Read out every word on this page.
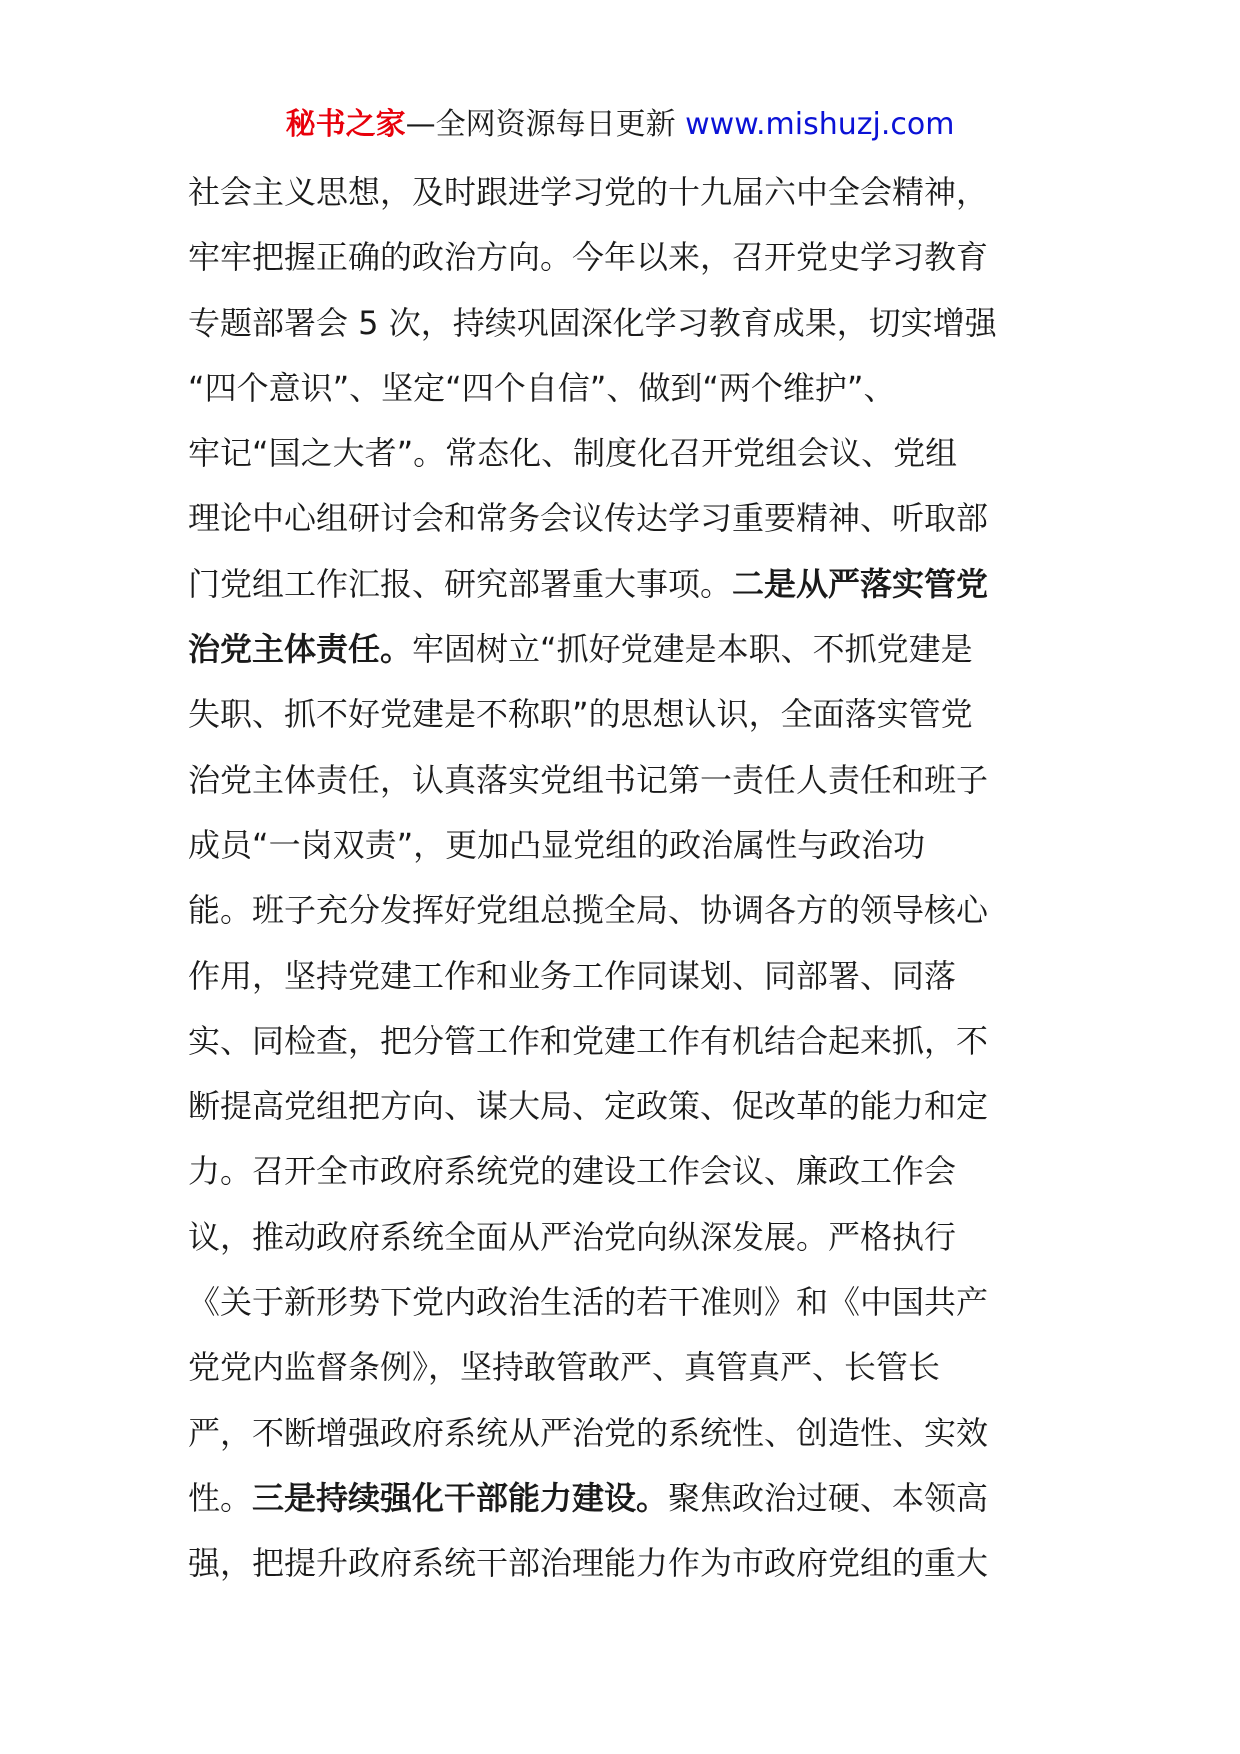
秘书之家—全网资源每日更新 www.mishuzj.com
社会主义思想，及时跟进学习党的十九届六中全会精神，
牢牢把握正确的政治方向。今年以来，召开党史学习教育
专题部署会 5 次，持续巩固深化学习教育成果，切实增强
“四个意识”、坚定“四个自信”、做到“两个维护”、
牢记“国之大者”。常态化、制度化召开党组会议、党组
理论中心组研讨会和常务会议传达学习重要精神、听取部
门党组工作汇报、研究部署重大事项。二是从严落实管党
治党主体责任。牢固树立“抓好党建是本职、不抓党建是
失职、抓不好党建是不称职”的思想认识，全面落实管党
治党主体责任，认真落实党组书记第一责任人责任和班子
成员“一岗双责”，更加凸显党组的政治属性与政治功
能。班子充分发挥好党组总揽全局、协调各方的领导核心
作用，坚持党建工作和业务工作同谋划、同部署、同落
实、同检查，把分管工作和党建工作有机结合起来抓，不
断提高党组把方向、谋大局、定政策、促改革的能力和定
力。召开全市政府系统党的建设工作会议、廉政工作会
议，推动政府系统全面从严治党向纵深发展。严格执行
《关于新形势下党内政治生活的若干准则》和《中国共产
党党内监督条例》，坚持敢管敢严、真管真严、长管长
严，不断增强政府系统从严治党的系统性、创造性、实效
性。三是持续强化干部能力建设。聚焦政治过硬、本领高
强，把提升政府系统干部治理能力作为市政府党组的重大
